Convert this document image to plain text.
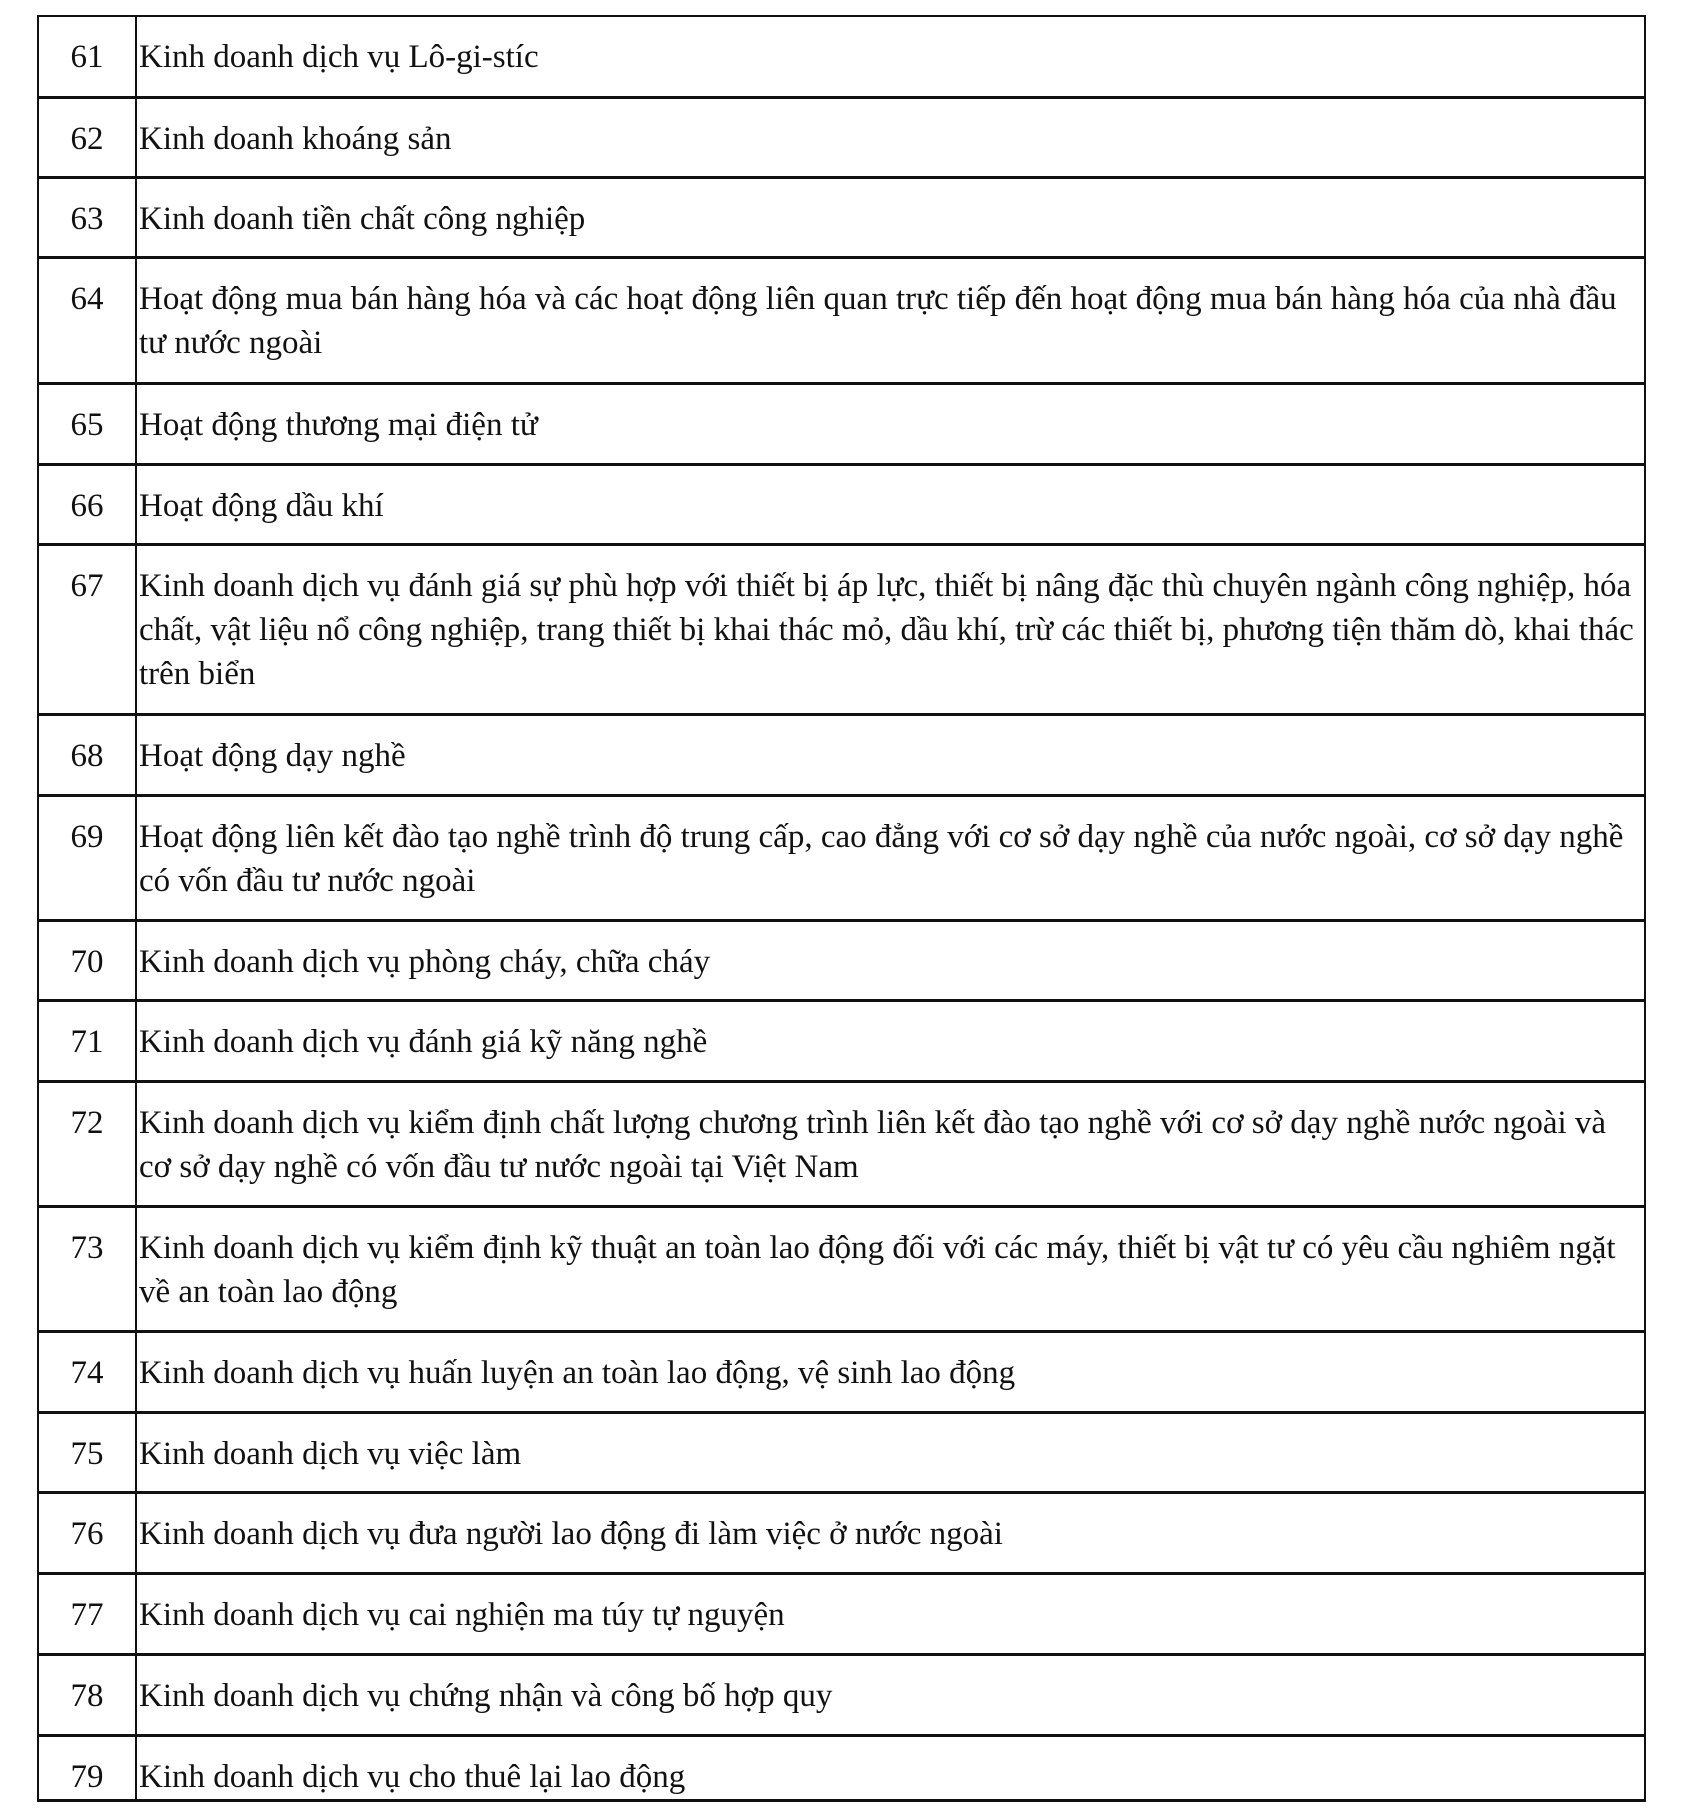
61	Kinh doanh dịch vụ Lô-gi-stíc
62	Kinh doanh khoáng sản
63	Kinh doanh tiền chất công nghiệp
64	Hoạt động mua bán hàng hóa và các hoạt động liên quan trực tiếp đến hoạt động mua bán hàng hóa của nhà đầu tư nước ngoài
65	Hoạt động thương mại điện tử
66	Hoạt động dầu khí
67	Kinh doanh dịch vụ đánh giá sự phù hợp với thiết bị áp lực, thiết bị nâng đặc thù chuyên ngành công nghiệp, hóa chất, vật liệu nổ công nghiệp, trang thiết bị khai thác mỏ, dầu khí, trừ các thiết bị, phương tiện thăm dò, khai thác trên biển
68	Hoạt động dạy nghề
69	Hoạt động liên kết đào tạo nghề trình độ trung cấp, cao đẳng với cơ sở dạy nghề của nước ngoài, cơ sở dạy nghề có vốn đầu tư nước ngoài
70	Kinh doanh dịch vụ phòng cháy, chữa cháy
71	Kinh doanh dịch vụ đánh giá kỹ năng nghề
72	Kinh doanh dịch vụ kiểm định chất lượng chương trình liên kết đào tạo nghề với cơ sở dạy nghề nước ngoài và cơ sở dạy nghề có vốn đầu tư nước ngoài tại Việt Nam
73	Kinh doanh dịch vụ kiểm định kỹ thuật an toàn lao động đối với các máy, thiết bị vật tư có yêu cầu nghiêm ngặt về an toàn lao động
74	Kinh doanh dịch vụ huấn luyện an toàn lao động, vệ sinh lao động
75	Kinh doanh dịch vụ việc làm
76	Kinh doanh dịch vụ đưa người lao động đi làm việc ở nước ngoài
77	Kinh doanh dịch vụ cai nghiện ma túy tự nguyện
78	Kinh doanh dịch vụ chứng nhận và công bố hợp quy
79	Kinh doanh dịch vụ cho thuê lại lao động
